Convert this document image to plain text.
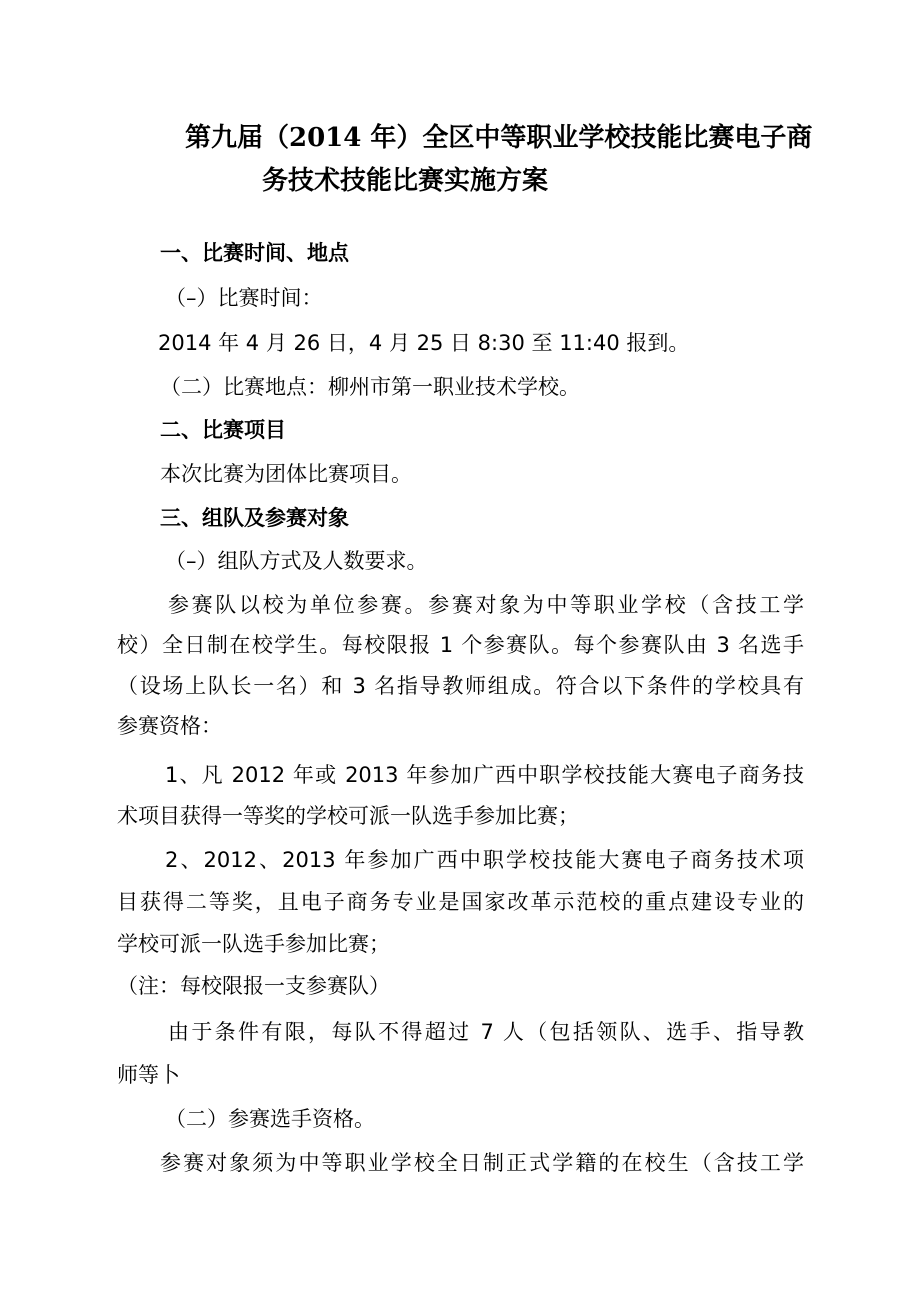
第九届（2014 年）全区中等职业学校技能比赛电子商
务技术技能比赛实施方案
一、比赛时间、地点
（–）比赛时间：
2014 年 4 月 26 日，4 月 25 日 8:30 至 11:40 报到。
（二）比赛地点：柳州市第一职业技术学校。
二、比赛项目
本次比赛为团体比赛项目。
三、组队及参赛对象
（–）组队方式及人数要求。
参赛队以校为单位参赛。参赛对象为中等职业学校（含技工学
校）全日制在校学生。每校限报 1 个参赛队。每个参赛队由 3 名选手
（设场上队长一名）和 3 名指导教师组成。符合以下条件的学校具有
参赛资格：
1、凡 2012 年或 2013 年参加广西中职学校技能大赛电子商务技
术项目获得一等奖的学校可派一队选手参加比赛；
2、2012、2013 年参加广西中职学校技能大赛电子商务技术项
目获得二等奖，且电子商务专业是国家改革示范校的重点建设专业的
学校可派一队选手参加比赛；
（注：每校限报一支参赛队）
由于条件有限，每队不得超过 7 人（包括领队、选手、指导教
师等卜
（二）参赛选手资格。
参赛对象须为中等职业学校全日制正式学籍的在校生（含技工学
